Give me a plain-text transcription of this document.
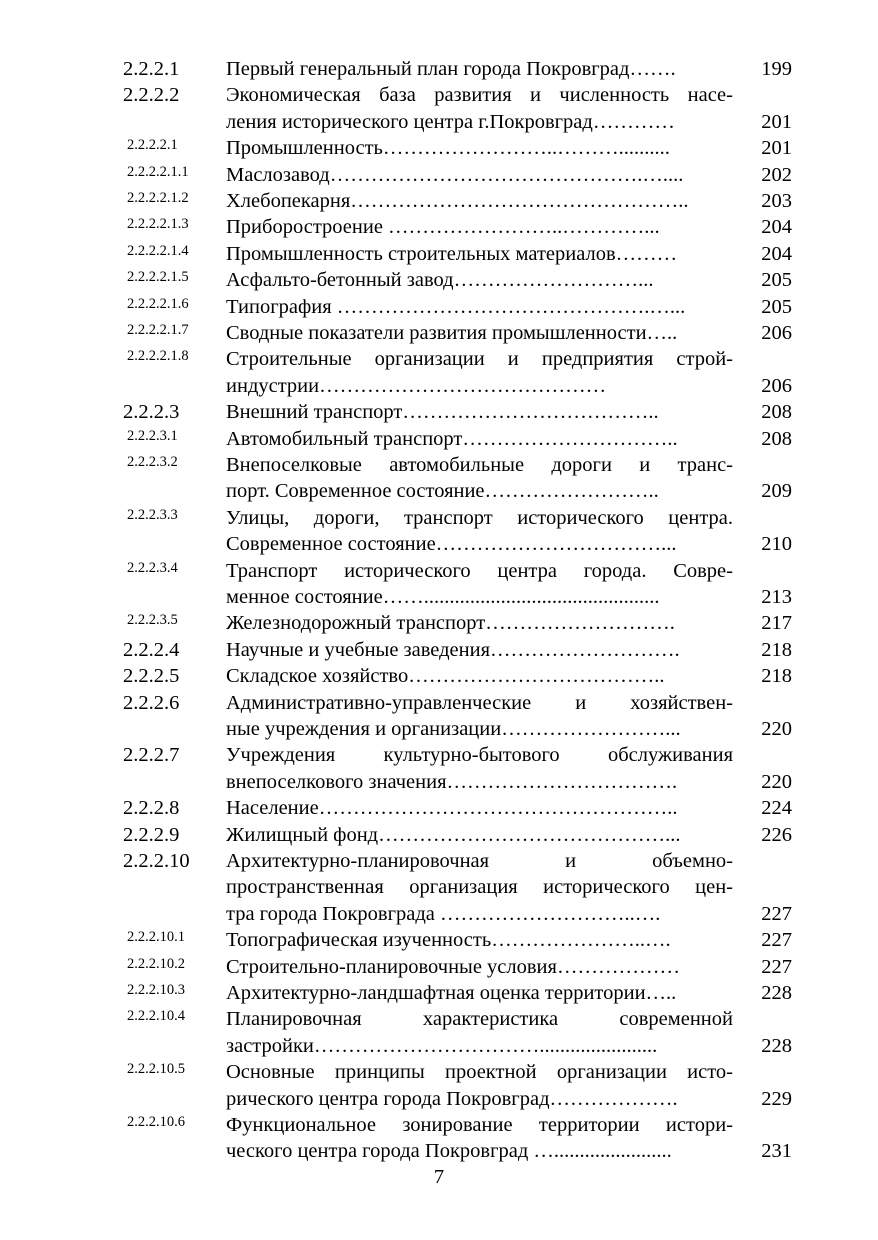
2.2.2.1 Первый генеральный план города Покровград…….	199
2.2.2.2 Экономическая база развития и численность насе-
ления исторического центра г.Покровград…………	201
2.2.2.2.1 Промышленность……………………..………..........	201
2.2.2.2.1.1 Маслозавод……………………………………….…....	202
2.2.2.2.1.2 Хлебопекарня…………………………………………..	203
2.2.2.2.1.3 Приборостроение ……………………..…………...	204
2.2.2.2.1.4 Промышленность строительных материалов………	204
2.2.2.2.1.5 Асфальто-бетонный завод………………………...	205
2.2.2.2.1.6 Типография ……………………………………….…...	205
2.2.2.2.1.7 Сводные показатели развития промышленности…..	206
2.2.2.2.1.8 Строительные организации и предприятия строй-
индустрии……………………………………	206
2.2.2.3 Внешний транспорт………………………………..	208
2.2.2.3.1 Автомобильный транспорт…………………………..	208
2.2.2.3.2 Внепоселковые автомобильные дороги и транс-
порт. Современное состояние……………………..	209
2.2.2.3.3 Улицы, дороги, транспорт исторического центра.
Современное состояние……………………………...	210
2.2.2.3.4 Транспорт исторического центра города. Совре-
менное состояние……..............................................	213
2.2.2.3.5 Железнодорожный транспорт……………………….	217
2.2.2.4 Научные и учебные заведения……………………….	218
2.2.2.5 Складское хозяйство………………………………..	218
2.2.2.6 Административно-управленческие и хозяйствен-
ные учреждения и организации……………………...	220
2.2.2.7 Учреждения культурно-бытового обслуживания
внепоселкового значения…………………………….	220
2.2.2.8 Население……………………………………………..	224
2.2.2.9 Жилищный фонд……………………………………...	226
2.2.2.10 Архитектурно-планировочная и объемно-
пространственная организация исторического цен-
тра города Покровграда ………………………..….	227
2.2.2.10.1 Топографическая изученность…………………..….	227
2.2.2.10.2 Строительно-планировочные условия………………	227
2.2.2.10.3 Архитектурно-ландшафтная оценка территории…..	228
2.2.2.10.4 Планировочная характеристика современной
застройки…………………………….......................	228
2.2.2.10.5 Основные принципы проектной организации исто-
рического центра города Покровград……………….	229
2.2.2.10.6 Функциональное зонирование территории истори-
ческого центра города Покровград ….......................	231
7
